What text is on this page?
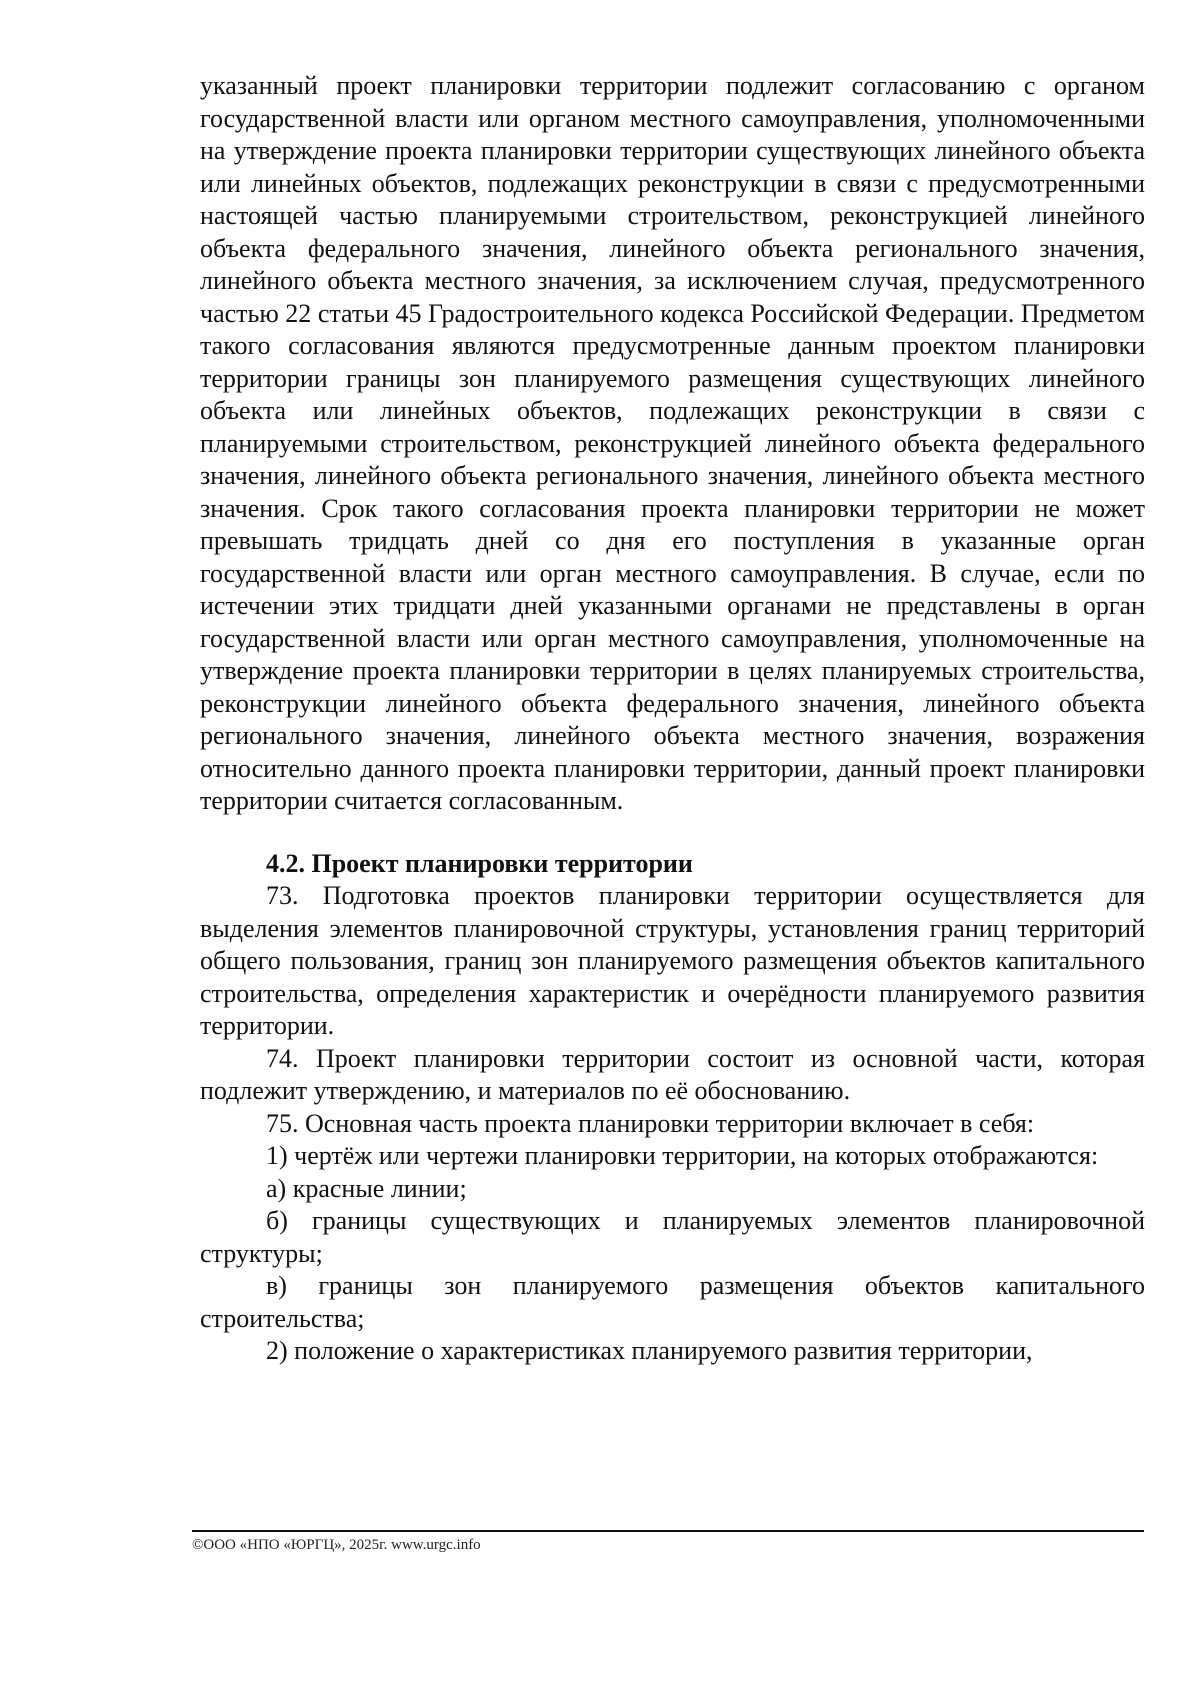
указанный проект планировки территории подлежит согласованию с органом государственной власти или органом местного самоуправления, уполномоченными на утверждение проекта планировки территории существующих линейного объекта или линейных объектов, подлежащих реконструкции в связи с предусмотренными настоящей частью планируемыми строительством, реконструкцией линейного объекта федерального значения, линейного объекта регионального значения, линейного объекта местного значения, за исключением случая, предусмотренного частью 22 статьи 45 Градостроительного кодекса Российской Федерации. Предметом такого согласования являются предусмотренные данным проектом планировки территории границы зон планируемого размещения существующих линейного объекта или линейных объектов, подлежащих реконструкции в связи с планируемыми строительством, реконструкцией линейного объекта федерального значения, линейного объекта регионального значения, линейного объекта местного значения. Срок такого согласования проекта планировки территории не может превышать тридцать дней со дня его поступления в указанные орган государственной власти или орган местного самоуправления. В случае, если по истечении этих тридцати дней указанными органами не представлены в орган государственной власти или орган местного самоуправления, уполномоченные на утверждение проекта планировки территории в целях планируемых строительства, реконструкции линейного объекта федерального значения, линейного объекта регионального значения, линейного объекта местного значения, возражения относительно данного проекта планировки территории, данный проект планировки территории считается согласованным.

4.2. Проект планировки территории

73. Подготовка проектов планировки территории осуществляется для выделения элементов планировочной структуры, установления границ территорий общего пользования, границ зон планируемого размещения объектов капитального строительства, определения характеристик и очерёдности планируемого развития территории.

74. Проект планировки территории состоит из основной части, которая подлежит утверждению, и материалов по её обоснованию.

75. Основная часть проекта планировки территории включает в себя:

1) чертёж или чертежи планировки территории, на которых отображаются:

а) красные линии;

б) границы существующих и планируемых элементов планировочной структуры;

в) границы зон планируемого размещения объектов капитального строительства;

2) положение о характеристиках планируемого развития территории,

©ООО «НПО «ЮРГЦ», 2025г. www.urgc.info
